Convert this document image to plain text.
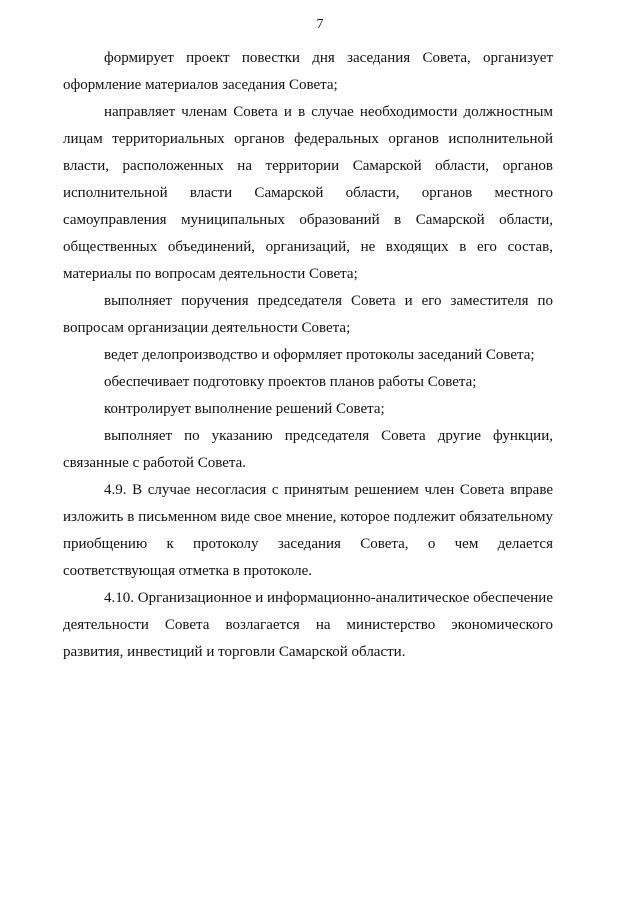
7

формирует проект повестки дня заседания Совета, организует оформление материалов заседания Совета;

направляет членам Совета и в случае необходимости должностным лицам территориальных органов федеральных органов исполнительной власти, расположенных на территории Самарской области, органов исполнительной власти Самарской области, органов местного самоуправления муниципальных образований в Самарской области, общественных объединений, организаций, не входящих в его состав, материалы по вопросам деятельности Совета;

выполняет поручения председателя Совета и его заместителя по вопросам организации деятельности Совета;

ведет делопроизводство и оформляет протоколы заседаний Совета;

обеспечивает подготовку проектов планов работы Совета;

контролирует выполнение решений Совета;

выполняет по указанию председателя Совета другие функции, связанные с работой Совета.

4.9. В случае несогласия с принятым решением член Совета вправе изложить в письменном виде свое мнение, которое подлежит обязательному приобщению к протоколу заседания Совета, о чем делается соответствующая отметка в протоколе.

4.10. Организационное и информационно-аналитическое обеспечение деятельности Совета возлагается на министерство экономического развития, инвестиций и торговли Самарской области.
